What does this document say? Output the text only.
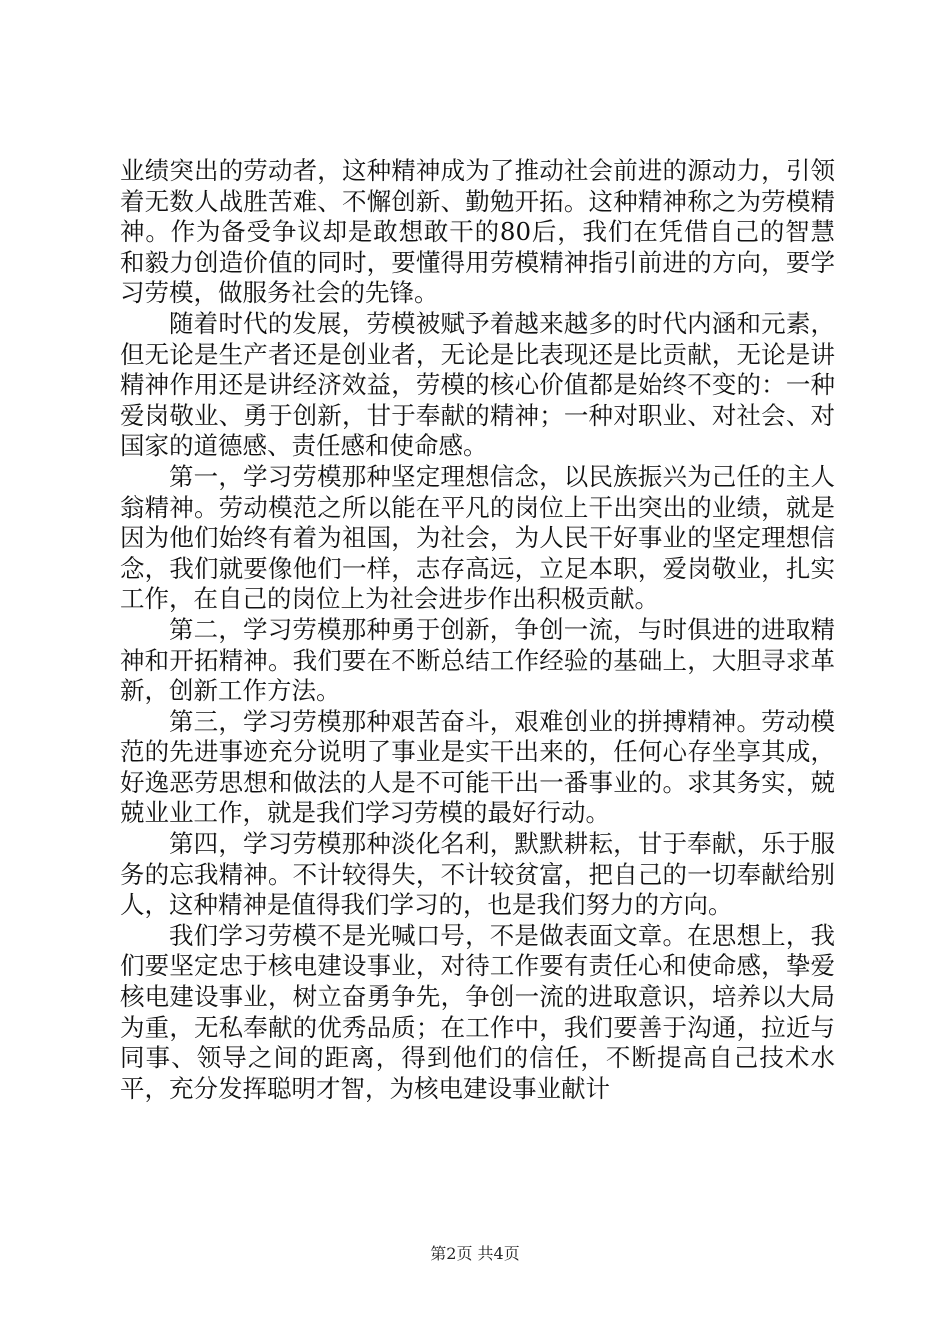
业绩突出的劳动者，这种精神成为了推动社会前进的源动力，引领着无数人战胜苦难、不懈创新、勤勉开拓。这种精神称之为劳模精神。作为备受争议却是敢想敢干的80后，我们在凭借自己的智慧和毅力创造价值的同时，要懂得用劳模精神指引前进的方向，要学习劳模，做服务社会的先锋。

随着时代的发展，劳模被赋予着越来越多的时代内涵和元素，但无论是生产者还是创业者，无论是比表现还是比贡献，无论是讲精神作用还是讲经济效益，劳模的核心价值都是始终不变的：一种爱岗敬业、勇于创新，甘于奉献的精神；一种对职业、对社会、对国家的道德感、责任感和使命感。

第一，学习劳模那种坚定理想信念，以民族振兴为己任的主人翁精神。劳动模范之所以能在平凡的岗位上干出突出的业绩，就是因为他们始终有着为祖国，为社会，为人民干好事业的坚定理想信念，我们就要像他们一样，志存高远，立足本职，爱岗敬业，扎实工作，在自己的岗位上为社会进步作出积极贡献。

第二，学习劳模那种勇于创新，争创一流，与时俱进的进取精神和开拓精神。我们要在不断总结工作经验的基础上，大胆寻求革新，创新工作方法。

第三，学习劳模那种艰苦奋斗，艰难创业的拼搏精神。劳动模范的先进事迹充分说明了事业是实干出来的，任何心存坐享其成，好逸恶劳思想和做法的人是不可能干出一番事业的。求其务实，兢兢业业工作，就是我们学习劳模的最好行动。

第四，学习劳模那种淡化名利，默默耕耘，甘于奉献，乐于服务的忘我精神。不计较得失，不计较贫富，把自己的一切奉献给别人，这种精神是值得我们学习的，也是我们努力的方向。

我们学习劳模不是光喊口号，不是做表面文章。在思想上，我们要坚定忠于核电建设事业，对待工作要有责任心和使命感，挚爱核电建设事业，树立奋勇争先，争创一流的进取意识，培养以大局为重，无私奉献的优秀品质；在工作中，我们要善于沟通，拉近与同事、领导之间的距离，得到他们的信任，不断提高自己技术水平，充分发挥聪明才智，为核电建设事业献计

第2页 共4页
